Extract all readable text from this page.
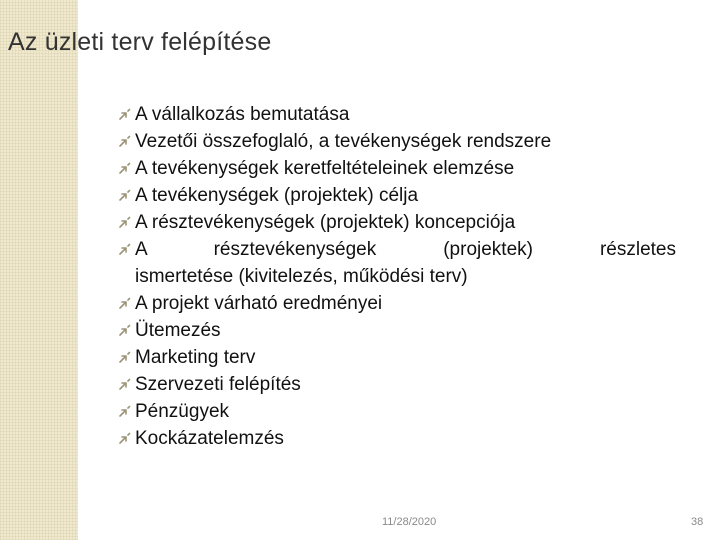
Az üzleti terv felépítése
A vállalkozás bemutatása
Vezetői összefoglaló, a tevékenységek rendszere
A tevékenységek keretfeltételeinek elemzése
A tevékenységek (projektek) célja
A résztevékenységek (projektek) koncepciója
A résztevékenységek (projektek) részletes
ismertetése (kivitelezés, működési terv)
A projekt várható eredményei
Ütemezés
Marketing terv
Szervezeti felépítés
Pénzügyek
Kockázatelemzés
11/28/2020	38
